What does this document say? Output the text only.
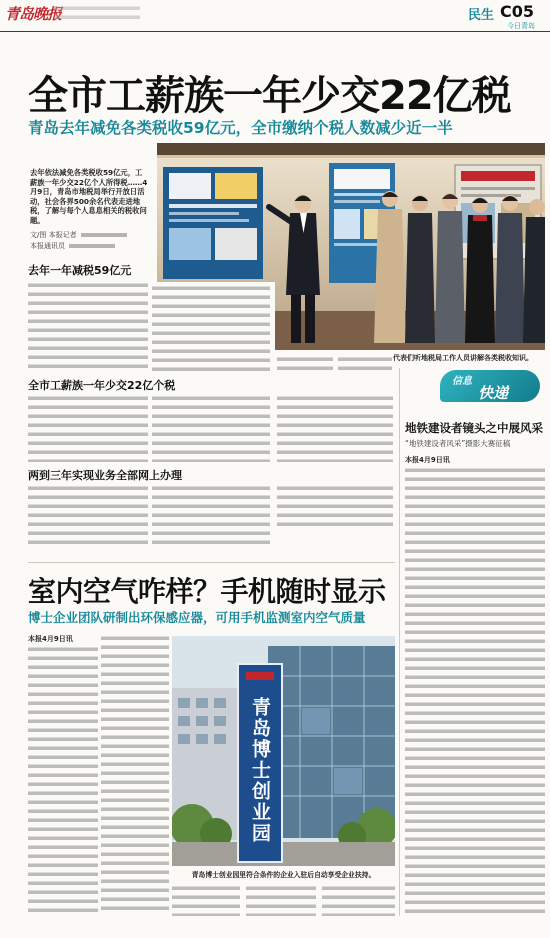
青岛晚报	民生 C05
今日青岛
全市工薪族一年少交22亿税
青岛去年减免各类税收59亿元，全市缴纳个税人数减少近一半
去年依法减免各类税收59亿元，工薪族一年少交22亿个人所得税……4月9日，青岛市地税局举行开放日活动，社会各界500余名代表走进地税，了解与每个人息息相关的税收问题。
文/图 本报记者
本报通讯员
代表们听地税局工作人员讲解各类税收知识。
去年一年减税59亿元
全市工薪族一年少交22亿个税
两到三年实现业务全部网上办理
信息
快递
地铁建设者镜头之中展风采
“地铁建设者风采”摄影大赛征稿
本报4月9日讯
室内空气咋样？手机随时显示
博士企业团队研制出环保感应器，可用手机监测室内空气质量
本报4月9日讯
青岛博士创业园
青岛博士创业园里符合条件的企业入驻后自动享受企业扶持。
